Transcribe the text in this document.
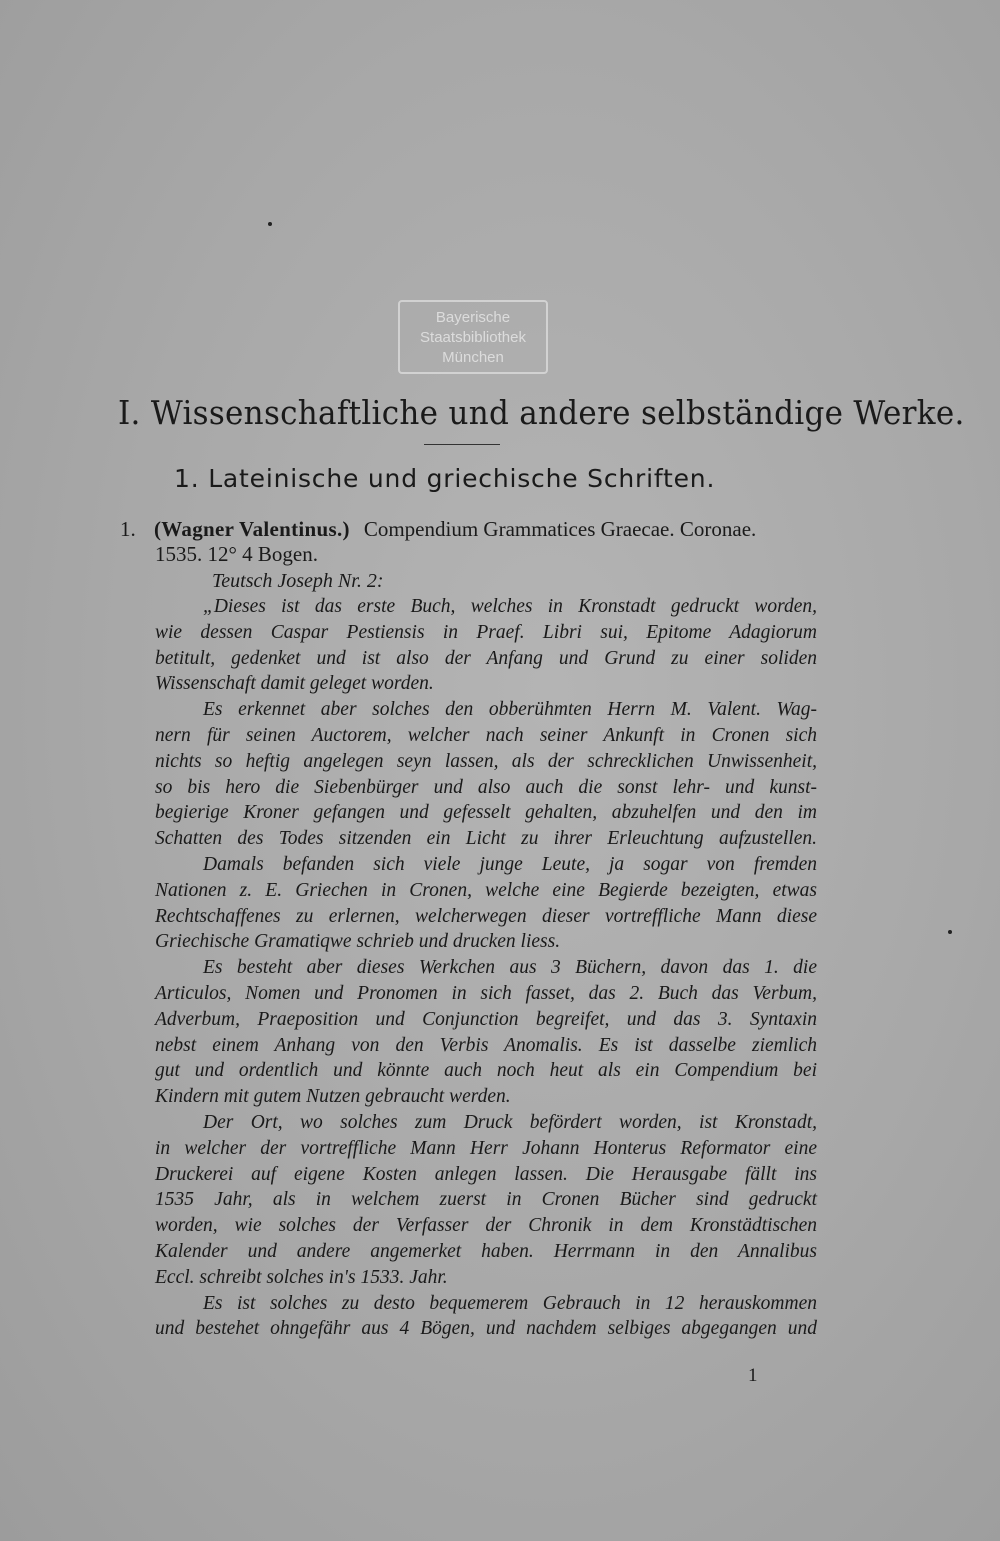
Bayerische
Staatsbibliothek
München
I. Wissenschaftliche und andere selbständige Werke.
1. Lateinische und griechische Schriften.
1. (Wagner Valentinus.) Compendium Grammatices Graecae. Coronae.
1535. 12° 4 Bogen.
Teutsch Joseph Nr. 2:
„Dieses ist das erste Buch, welches in Kronstadt gedruckt worden,
wie dessen Caspar Pestiensis in Praef. Libri sui, Epitome Adagiorum
betitult, gedenket und ist also der Anfang und Grund zu einer soliden
Wissenschaft damit geleget worden.
Es erkennet aber solches den obberühmten Herrn M. Valent. Wag-
nern für seinen Auctorem, welcher nach seiner Ankunft in Cronen sich
nichts so heftig angelegen seyn lassen, als der schrecklichen Unwissenheit,
so bis hero die Siebenbürger und also auch die sonst lehr- und kunst-
begierige Kroner gefangen und gefesselt gehalten, abzuhelfen und den im
Schatten des Todes sitzenden ein Licht zu ihrer Erleuchtung aufzustellen.
Damals befanden sich viele junge Leute, ja sogar von fremden
Nationen z. E. Griechen in Cronen, welche eine Begierde bezeigten, etwas
Rechtschaffenes zu erlernen, welcherwegen dieser vortreffliche Mann diese
Griechische Gramatiqwe schrieb und drucken liess.
Es besteht aber dieses Werkchen aus 3 Büchern, davon das 1. die
Articulos, Nomen und Pronomen in sich fasset, das 2. Buch das Verbum,
Adverbum, Praeposition und Conjunction begreifet, und das 3. Syntaxin
nebst einem Anhang von den Verbis Anomalis. Es ist dasselbe ziemlich
gut und ordentlich und könnte auch noch heut als ein Compendium bei
Kindern mit gutem Nutzen gebraucht werden.
Der Ort, wo solches zum Druck befördert worden, ist Kronstadt,
in welcher der vortreffliche Mann Herr Johann Honterus Reformator eine
Druckerei auf eigene Kosten anlegen lassen. Die Herausgabe fällt ins
1535 Jahr, als in welchem zuerst in Cronen Bücher sind gedruckt
worden, wie solches der Verfasser der Chronik in dem Kronstädtischen
Kalender und andere angemerket haben. Herrmann in den Annalibus
Eccl. schreibt solches in's 1533. Jahr.
Es ist solches zu desto bequemerem Gebrauch in 12 herauskommen
und bestehet ohngefähr aus 4 Bögen, und nachdem selbiges abgegangen und
1
